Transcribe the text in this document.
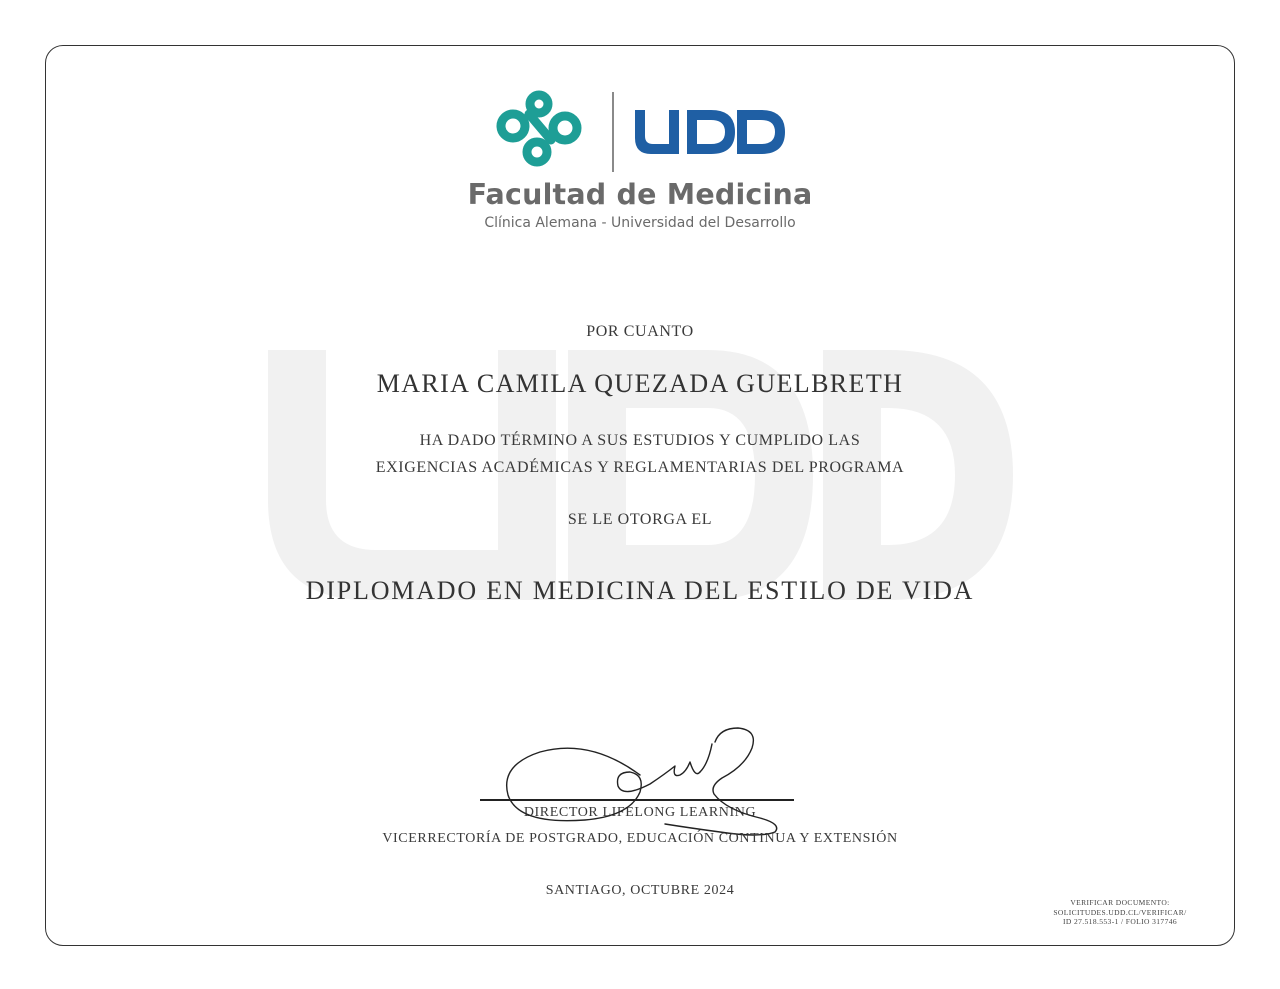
Facultad de Medicina
Clínica Alemana - Universidad del Desarrollo
POR CUANTO
MARIA CAMILA QUEZADA GUELBRETH
HA DADO TÉRMINO A SUS ESTUDIOS Y CUMPLIDO LAS
EXIGENCIAS ACADÉMICAS Y REGLAMENTARIAS DEL PROGRAMA
SE LE OTORGA EL
DIPLOMADO EN MEDICINA DEL ESTILO DE VIDA
DIRECTOR LIFELONG LEARNING
VICERRECTORÍA DE POSTGRADO, EDUCACIÓN CONTINUA Y EXTENSIÓN
SANTIAGO, OCTUBRE 2024
VERIFICAR DOCUMENTO:
SOLICITUDES.UDD.CL/VERIFICAR/
ID 27.518.553-1 / FOLIO 317746
